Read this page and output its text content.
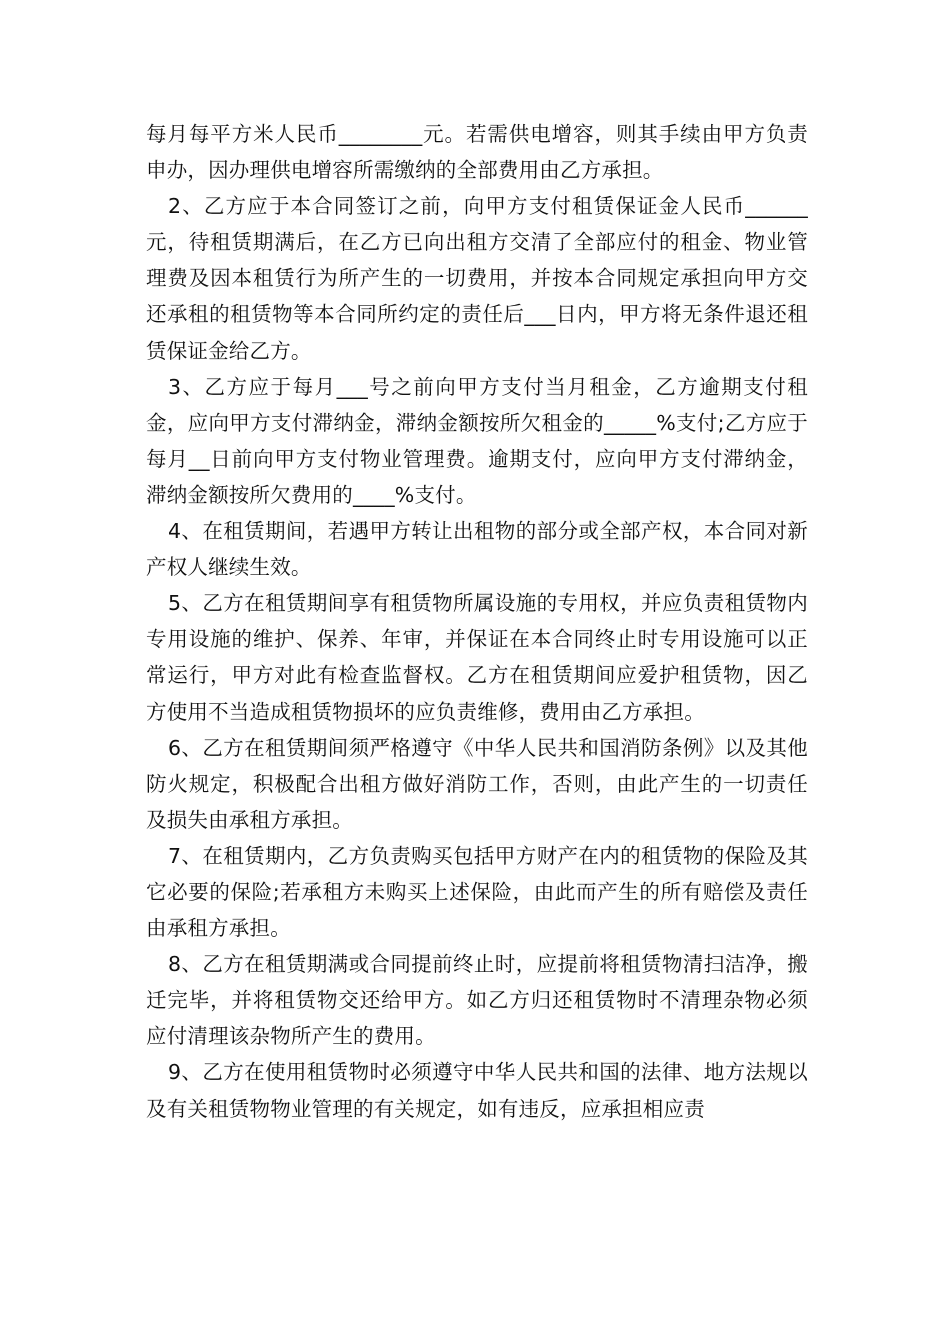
每月每平方米人民币________元。若需供电增容，则其手续由甲方负责申办，因办理供电增容所需缴纳的全部费用由乙方承担。

2、乙方应于本合同签订之前，向甲方支付租赁保证金人民币______元，待租赁期满后，在乙方已向出租方交清了全部应付的租金、物业管理费及因本租赁行为所产生的一切费用，并按本合同规定承担向甲方交还承租的租赁物等本合同所约定的责任后___日内，甲方将无条件退还租赁保证金给乙方。

3、乙方应于每月___号之前向甲方支付当月租金，乙方逾期支付租金，应向甲方支付滞纳金，滞纳金额按所欠租金的_____%支付;乙方应于每月__日前向甲方支付物业管理费。逾期支付，应向甲方支付滞纳金，滞纳金额按所欠费用的____%支付。

4、在租赁期间，若遇甲方转让出租物的部分或全部产权，本合同对新产权人继续生效。

5、乙方在租赁期间享有租赁物所属设施的专用权，并应负责租赁物内专用设施的维护、保养、年审，并保证在本合同终止时专用设施可以正常运行，甲方对此有检查监督权。乙方在租赁期间应爱护租赁物，因乙方使用不当造成租赁物损坏的应负责维修，费用由乙方承担。

6、乙方在租赁期间须严格遵守《中华人民共和国消防条例》以及其他防火规定，积极配合出租方做好消防工作，否则，由此产生的一切责任及损失由承租方承担。

7、在租赁期内，乙方负责购买包括甲方财产在内的租赁物的保险及其它必要的保险;若承租方未购买上述保险，由此而产生的所有赔偿及责任由承租方承担。

8、乙方在租赁期满或合同提前终止时，应提前将租赁物清扫洁净，搬迁完毕，并将租赁物交还给甲方。如乙方归还租赁物时不清理杂物必须应付清理该杂物所产生的费用。

9、乙方在使用租赁物时必须遵守中华人民共和国的法律、地方法规以及有关租赁物物业管理的有关规定，如有违反，应承担相应责
